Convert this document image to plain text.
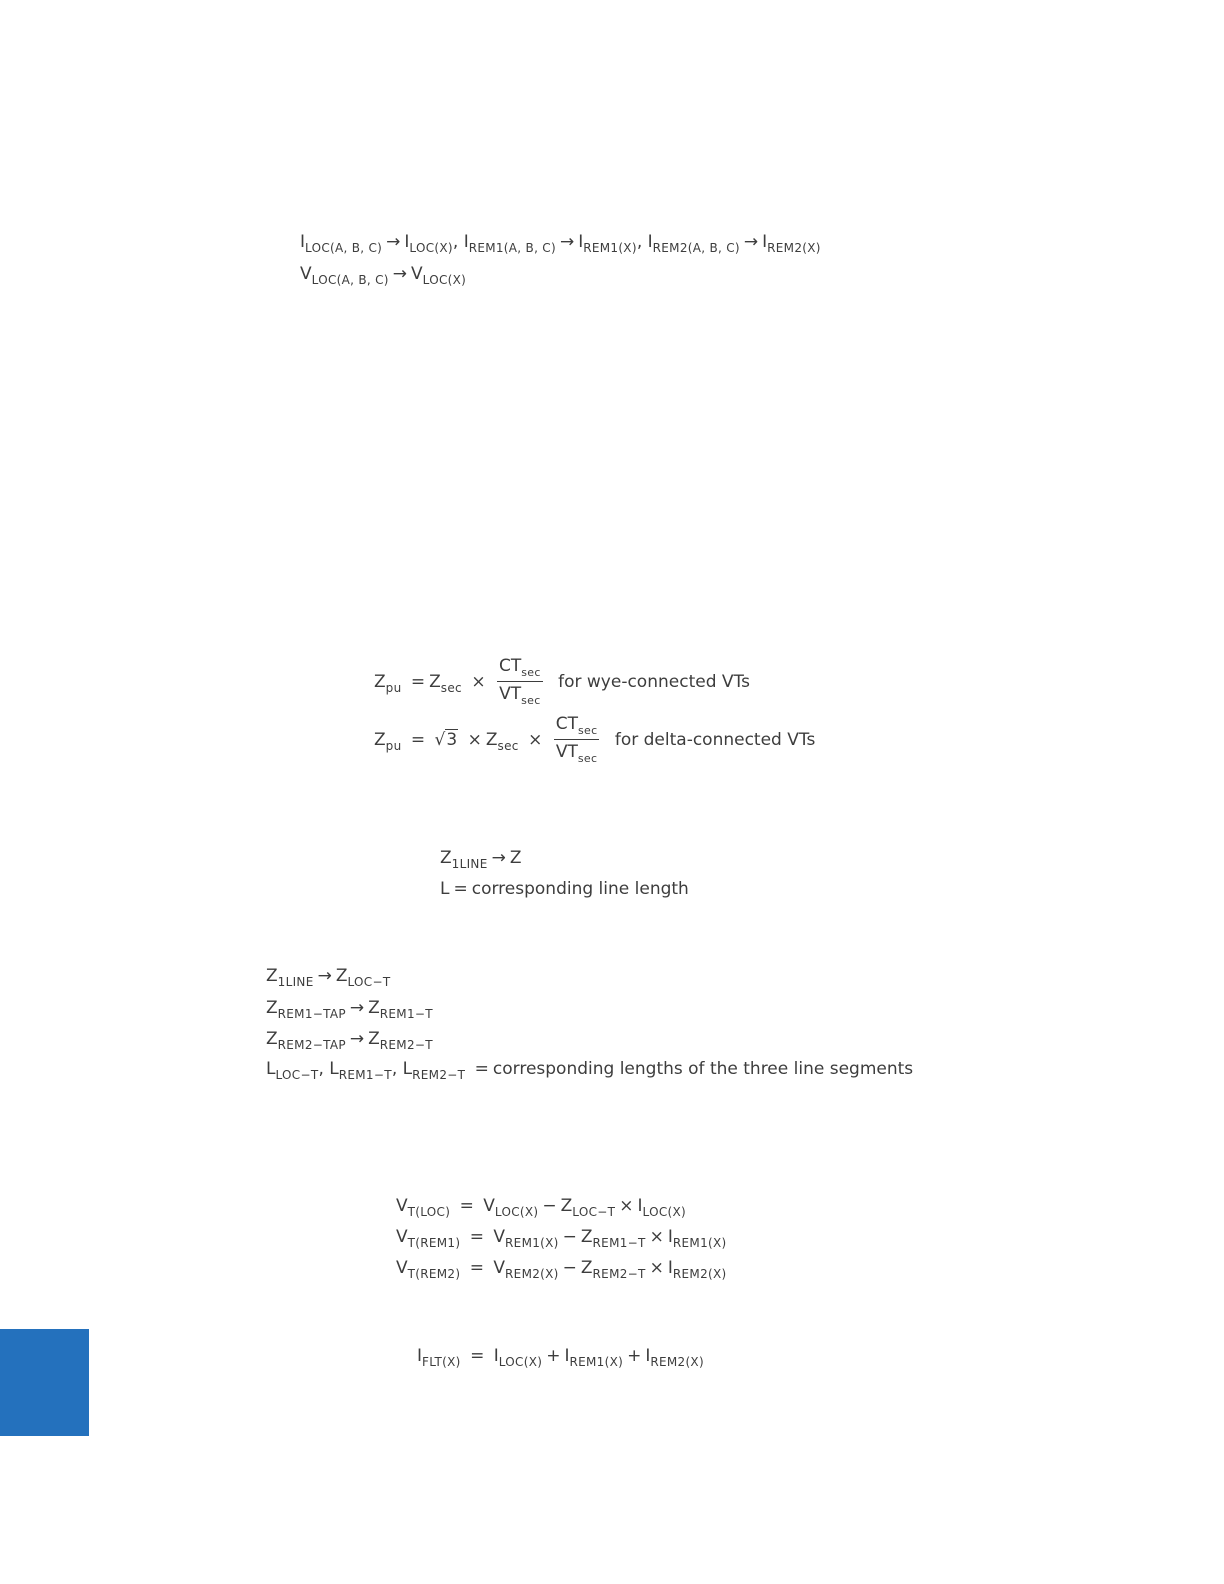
$I_{LOC(A, B, C)} \to I_{LOC(X)}$, $I_{REM1(A, B, C)} \to I_{REM1(X)}$, $I_{REM2(A, B, C)} \to I_{REM2(X)}$
$V_{LOC(A, B, C)} \to V_{LOC(X)}$
$Z_{pu} = Z_{sec} \times \frac{CT_{sec}}{VT_{sec}}$ for wye-connected VTs
$Z_{pu} = √3 \times Z_{sec} \times \frac{CT_{sec}}{VT_{sec}}$ for delta-connected VTs
$Z_{1LINE} \to Z$
L = corresponding line length
$Z_{1LINE} \to Z_{LOC-T}$
$Z_{REM1-TAP} \to Z_{REM1-T}$
$Z_{REM2-TAP} \to Z_{REM2-T}$
$L_{LOC-T}$, $L_{REM1-T}$, $L_{REM2-T}$ = corresponding lengths of the three line segments
$V_{T(LOC)} = V_{LOC(X)} - Z_{LOC-T} \times I_{LOC(X)}$
$V_{T(REM1)} = V_{REM1(X)} - Z_{REM1-T} \times I_{REM1(X)}$
$V_{T(REM2)} = V_{REM2(X)} - Z_{REM2-T} \times I_{REM2(X)}$
$I_{FLT(X)} = I_{LOC(X)} + I_{REM1(X)} + I_{REM2(X)}$
